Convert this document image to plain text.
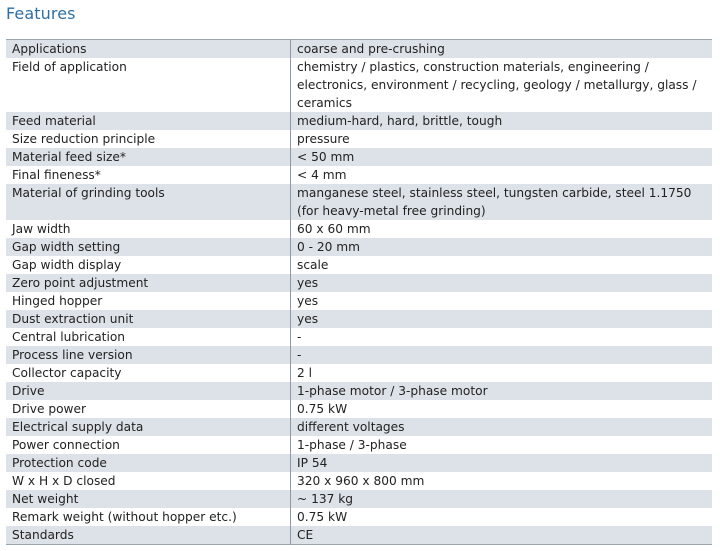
Features
Applications	coarse and pre-crushing
Field of application	chemistry / plastics, construction materials, engineering / electronics, environment / recycling, geology / metallurgy, glass / ceramics
Feed material	medium-hard, hard, brittle, tough
Size reduction principle	pressure
Material feed size*	< 50 mm
Final fineness*	< 4 mm
Material of grinding tools	manganese steel, stainless steel, tungsten carbide, steel 1.1750 (for heavy-metal free grinding)
Jaw width	60 x 60 mm
Gap width setting	0 - 20 mm
Gap width display	scale
Zero point adjustment	yes
Hinged hopper	yes
Dust extraction unit	yes
Central lubrication	-
Process line version	-
Collector capacity	2 l
Drive	1-phase motor / 3-phase motor
Drive power	0.75 kW
Electrical supply data	different voltages
Power connection	1-phase / 3-phase
Protection code	IP 54
W x H x D closed	320 x 960 x 800 mm
Net weight	~ 137 kg
Remark weight (without hopper etc.)	0.75 kW
Standards	CE
